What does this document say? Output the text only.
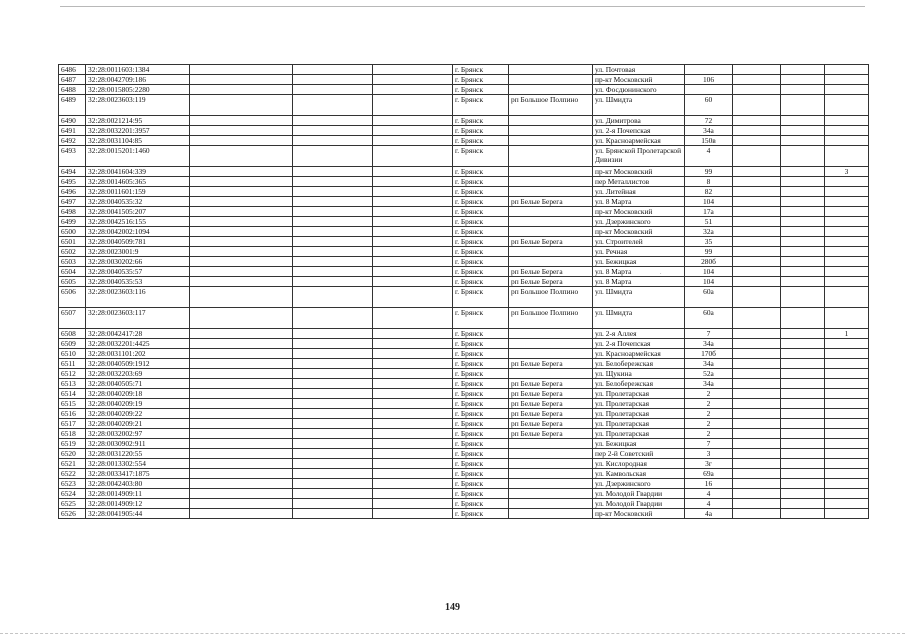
6486	32:28:0011603:1384				г. Брянск		ул. Почтовая				
6487	32:28:0042709:186				г. Брянск		пр-кт Московский	106			
6488	32:28:0015805:2280				г. Брянск		ул. Фосдюнинского				
6489	32:28:0023603:119				г. Брянск	рп Большое Полпино	ул. Шмидта	60			
6490	32:28:0021214:95				г. Брянск		ул. Димитрова	72			
6491	32:28:0032201:3957				г. Брянск		ул. 2-я Почепская	34а			
6492	32:28:0031104:85				г. Брянск		ул. Красноармейская	150в			
6493	32:28:0015201:1460				г. Брянск		ул. Брянской Пролетарской
Дивизии	4			
6494	32:28:0041604:339				г. Брянск		пр-кт Московский	99			3
6495	32:28:0014605:365				г. Брянск		пер Металлистов	8			
6496	32:28:0011601:159				г. Брянск		ул. Литейная	82			
6497	32:28:0040535:32				г. Брянск	рп Белые Берега	ул. 8 Марта	104			
6498	32:28:0041505:207				г. Брянск		пр-кт Московский	17а			
6499	32:28:0042516:155				г. Брянск		ул. Дзержинского	51			
6500	32:28:0042002:1094				г. Брянск		пр-кт Московский	32а			
6501	32:28:0040509:781				г. Брянск	рп Белые Берега	ул. Строителей	35			
6502	32:28:0023001:9				г. Брянск		ул. Речная	99			
6503	32:28:0030202:66				г. Брянск		ул. Бежицкая	280б			
6504	32:28:0040535:57				г. Брянск	рп Белые Берега	ул. 8 Марта	104			
6505	32:28:0040535:53				г. Брянск	рп Белые Берега	ул. 8 Марта	104			
6506	32:28:0023603:116				г. Брянск	рп Большое Полпино	ул. Шмидта	60а			
6507	32:28:0023603:117				г. Брянск	рп Большое Полпино	ул. Шмидта	60а			
6508	32:28:0042417:28				г. Брянск		ул. 2-я Аллея	7			1
6509	32:28:0032201:4425				г. Брянск		ул. 2-я Почепская	34а			
6510	32:28:0031101:202				г. Брянск		ул. Красноармейская	170б			
6511	32:28:0040509:1912				г. Брянск	рп Белые Берега	ул. Белобережская	34а			
6512	32:28:0032203:69				г. Брянск		ул. Щукина	52а			
6513	32:28:0040505:71				г. Брянск	рп Белые Берега	ул. Белобережская	34а			
6514	32:28:0040209:18				г. Брянск	рп Белые Берега	ул. Пролетарская	2			
6515	32:28:0040209:19				г. Брянск	рп Белые Берега	ул. Пролетарская	2			
6516	32:28:0040209:22				г. Брянск	рп Белые Берега	ул. Пролетарская	2			
6517	32:28:0040209:21				г. Брянск	рп Белые Берега	ул. Пролетарская	2			
6518	32:28:0032002:97				г. Брянск	рп Белые Берега	ул. Пролетарская	2			
6519	32:28:0030902:911				г. Брянск		ул. Бежицкая	7			
6520	32:28:0031220:55				г. Брянск		пер 2-й Советский	3			
6521	32:28:0013302:554				г. Брянск		ул. Кислородная	3г			
6522	32:28:0033417:1875				г. Брянск		ул. Камвольская	69а			
6523	32:28:0042403:80				г. Брянск		ул. Дзержинского	16			
6524	32:28:0014909:11				г. Брянск		ул. Молодой Гвардии	4			
6525	32:28:0014909:12				г. Брянск		ул. Молодой Гвардии	4			
6526	32:28:0041905:44				г. Брянск		пр-кт Московский	4а			
.
149
